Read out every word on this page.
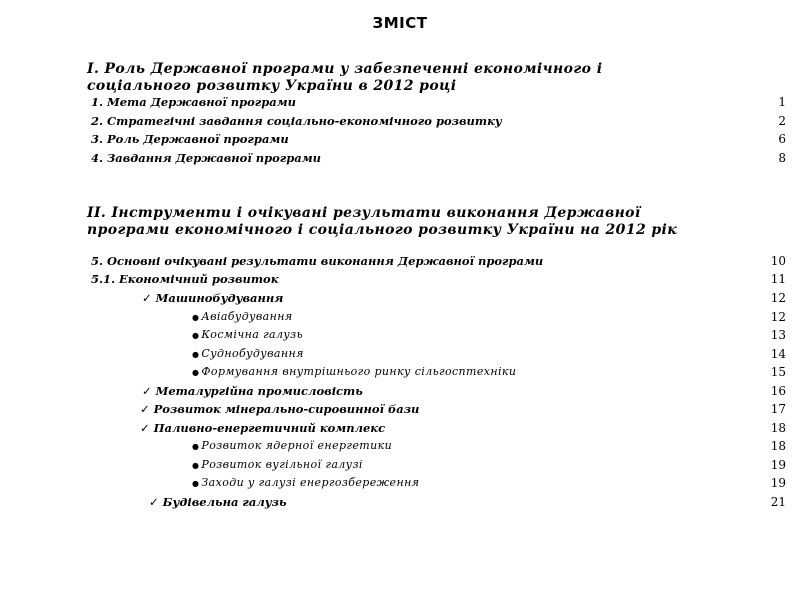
ЗМІСТ
І. Роль Державної програми у забезпеченні економічного і соціального розвитку України в 2012 році
ІІ. Інструменти і очікувані результати виконання Державної програми економічного і соціального розвитку України на 2012 рік
1. Мета Державної програми	1
2. Стратегічні завдання соціально-економічного розвитку	2
3. Роль Державної програми	6
4. Завдання Державної програми	8
5. Основні очікувані результати виконання Державної програми	10
5.1. Економічний розвиток	11
✓ Машинобудування	12
● Авіабудування	12
● Космічна галузь	13
● Суднобудування	14
● Формування внутрішнього ринку сільгосптехніки	15
✓ Металургійна промисловість	16
✓ Розвиток мінерально-сировинної бази	17
✓ Паливно-енергетичний комплекс	18
● Розвиток ядерної енергетики	18
● Розвиток вугільної галузі	19
● Заходи у галузі енергозбереження	19
✓ Будівельна галузь	21
